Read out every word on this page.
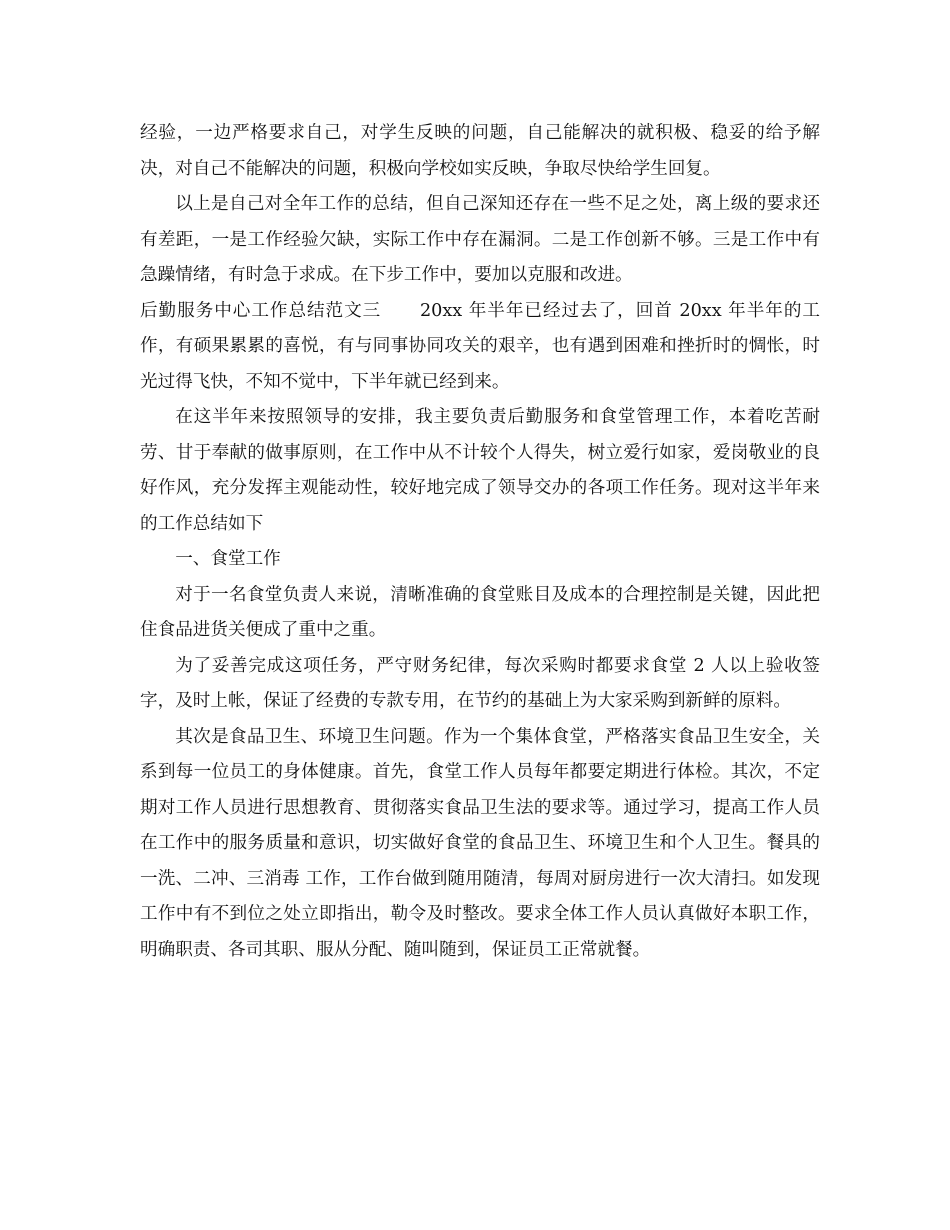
经验，一边严格要求自己，对学生反映的问题，自己能解决的就积极、稳妥的给予解决，对自己不能解决的问题，积极向学校如实反映，争取尽快给学生回复。

以上是自己对全年工作的总结，但自己深知还存在一些不足之处，离上级的要求还有差距，一是工作经验欠缺，实际工作中存在漏洞。二是工作创新不够。三是工作中有急躁情绪，有时急于求成。在下步工作中，要加以克服和改进。

后勤服务中心工作总结范文三 20xx 年半年已经过去了，回首 20xx 年半年的工作，有硕果累累的喜悦，有与同事协同攻关的艰辛，也有遇到困难和挫折时的惆怅，时光过得飞快，不知不觉中，下半年就已经到来。

在这半年来按照领导的安排，我主要负责后勤服务和食堂管理工作，本着吃苦耐劳、甘于奉献的做事原则，在工作中从不计较个人得失，树立爱行如家，爱岗敬业的良好作风，充分发挥主观能动性，较好地完成了领导交办的各项工作任务。现对这半年来的工作总结如下

一、食堂工作

对于一名食堂负责人来说，清晰准确的食堂账目及成本的合理控制是关键，因此把住食品进货关便成了重中之重。

为了妥善完成这项任务，严守财务纪律，每次采购时都要求食堂 2 人以上验收签字，及时上帐，保证了经费的专款专用，在节约的基础上为大家采购到新鲜的原料。

其次是食品卫生、环境卫生问题。作为一个集体食堂，严格落实食品卫生安全，关系到每一位员工的身体健康。首先，食堂工作人员每年都要定期进行体检。其次，不定期对工作人员进行思想教育、贯彻落实食品卫生法的要求等。通过学习，提高工作人员在工作中的服务质量和意识，切实做好食堂的食品卫生、环境卫生和个人卫生。餐具的 一洗、二冲、三消毒 工作，工作台做到随用随清，每周对厨房进行一次大清扫。如发现工作中有不到位之处立即指出，勒令及时整改。要求全体工作人员认真做好本职工作，明确职责、各司其职、服从分配、随叫随到，保证员工正常就餐。
